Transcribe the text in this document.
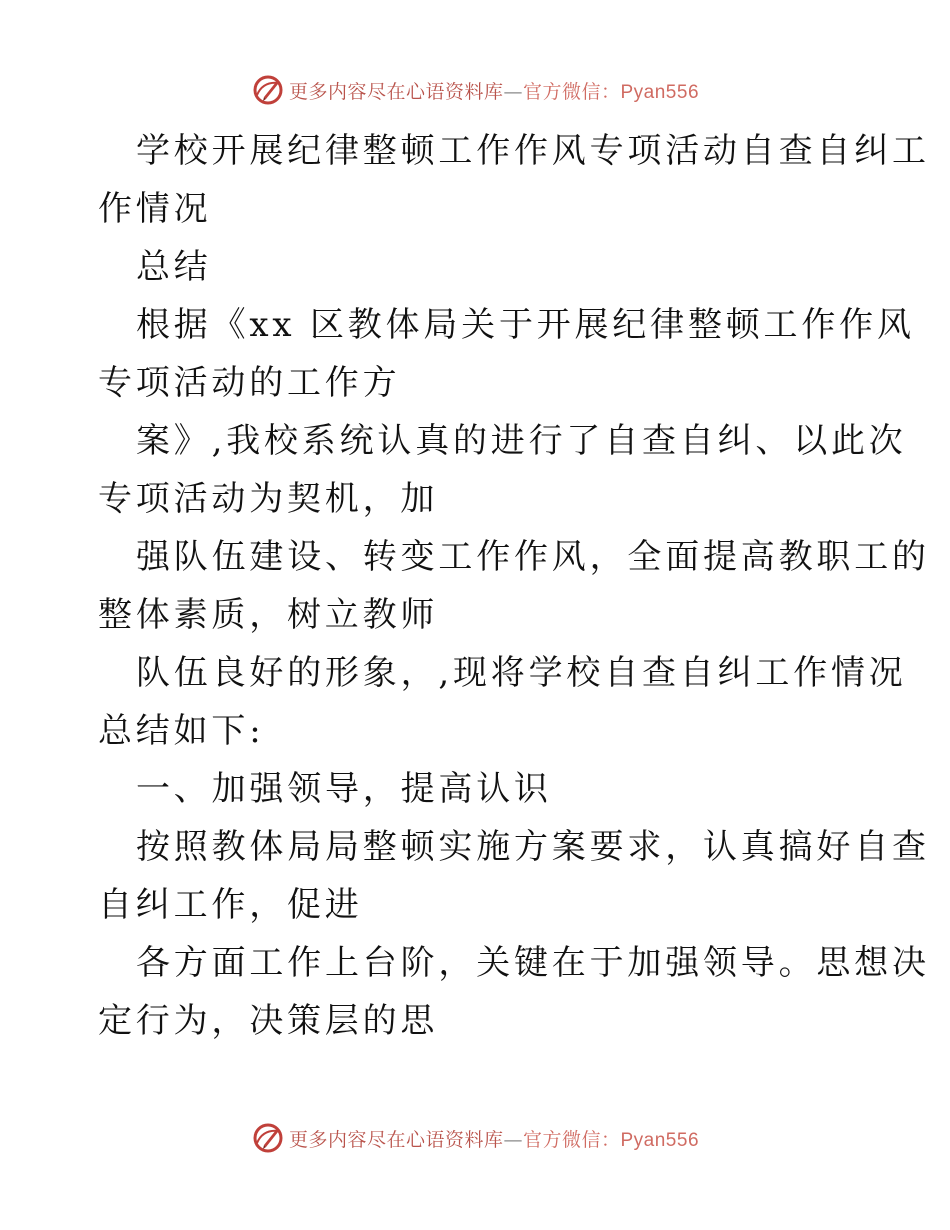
更多内容尽在心语资料库—官方微信：Pyan556
学校开展纪律整顿工作作风专项活动自查自纠工
作情况
总结
根据《xx 区教体局关于开展纪律整顿工作作风
专项活动的工作方
案》,我校系统认真的进行了自查自纠、以此次
专项活动为契机，加
强队伍建设、转变工作作风，全面提高教职工的
整体素质，树立教师
队伍良好的形象，,现将学校自查自纠工作情况
总结如下:
一、加强领导，提高认识
按照教体局局整顿实施方案要求，认真搞好自查
自纠工作，促进
各方面工作上台阶，关键在于加强领导。思想决
定行为，决策层的思
更多内容尽在心语资料库—官方微信：Pyan556
